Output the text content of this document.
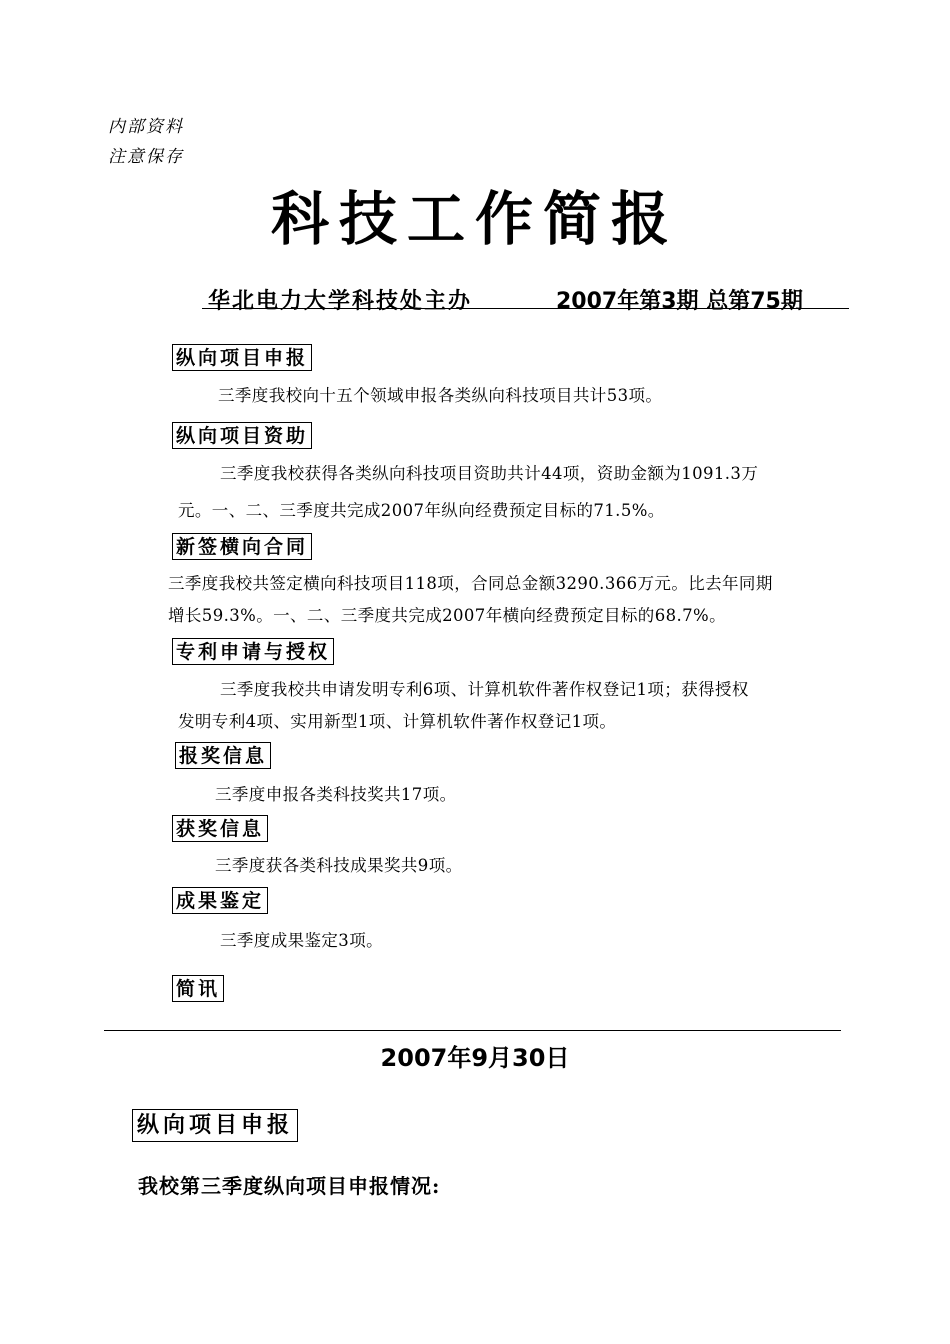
内部资料
注意保存
科技工作简报
华北电力大学科技处主办	2007年第3期 总第75期
纵向项目申报
三季度我校向十五个领域申报各类纵向科技项目共计53项。
纵向项目资助
三季度我校获得各类纵向科技项目资助共计44项，资助金额为1091.3万
元。一、二、三季度共完成2007年纵向经费预定目标的71.5%。
新签横向合同
三季度我校共签定横向科技项目118项，合同总金额3290.366万元。比去年同期
增长59.3%。一、二、三季度共完成2007年横向经费预定目标的68.7%。
专利申请与授权
三季度我校共申请发明专利6项、计算机软件著作权登记1项；获得授权
发明专利4项、实用新型1项、计算机软件著作权登记1项。
报奖信息
三季度申报各类科技奖共17项。
获奖信息
三季度获各类科技成果奖共9项。
成果鉴定
三季度成果鉴定3项。
简讯
2007年9月30日
纵向项目申报
我校第三季度纵向项目申报情况:
